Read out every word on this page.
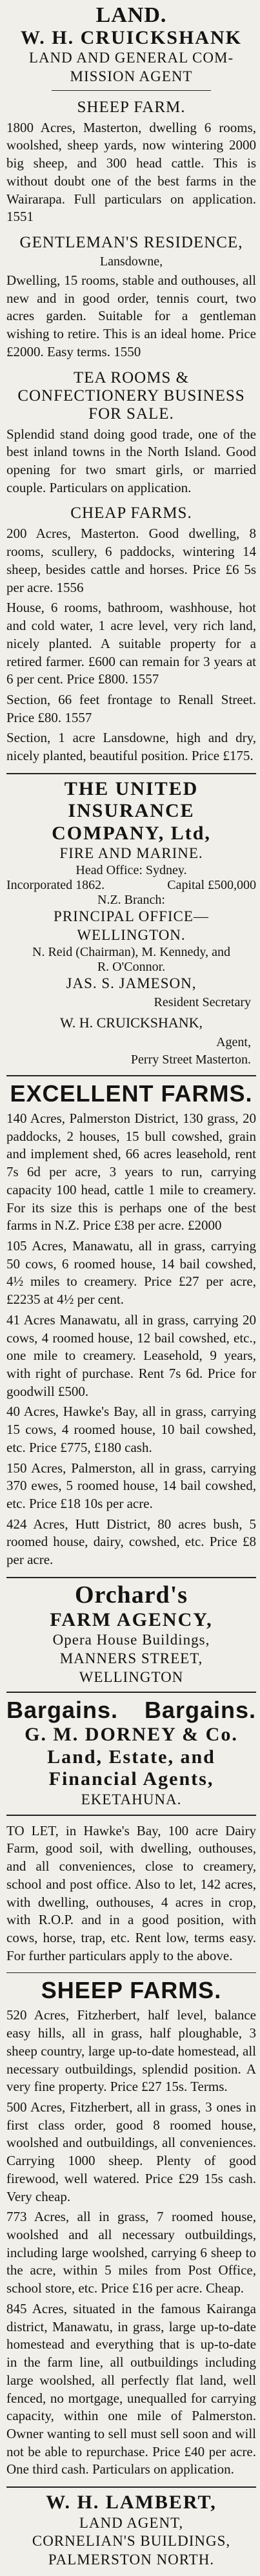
LAND.
W. H. CRUICKSHANK
LAND AND GENERAL COM-
MISSION AGENT
SHEEP FARM.
1800 Acres, Masterton, dwelling 6 rooms, woolshed, sheep yards, now wintering 2000 big sheep, and 300 head cattle. This is without doubt one of the best farms in the Wairarapa. Full particulars on application. 1551
GENTLEMAN'S RESIDENCE,
Lansdowne,
Dwelling, 15 rooms, stable and outhouses, all new and in good order, tennis court, two acres garden. Suitable for a gentleman wishing to retire. This is an ideal home. Price £2000. Easy terms. 1550
TEA ROOMS & CONFECTIONERY BUSINESS FOR SALE.
Splendid stand doing good trade, one of the best inland towns in the North Island. Good opening for two smart girls, or married couple. Particulars on application.
CHEAP FARMS.
200 Acres, Masterton. Good dwelling, 8 rooms, scullery, 6 paddocks, wintering 14 sheep, besides cattle and horses. Price £6 5s per acre. 1556
House, 6 rooms, bathroom, washhouse, hot and cold water, 1 acre level, very rich land, nicely planted. A suitable property for a retired farmer. £600 can remain for 3 years at 6 per cent. Price £800. 1557
Section, 66 feet frontage to Renall Street. Price £80. 1557
Section, 1 acre Lansdowne, high and dry, nicely planted, beautiful position. Price £175.
THE UNITED INSURANCE
COMPANY, Ltd,
FIRE AND MARINE.
Head Office: Sydney.
Incorporated 1862.	Capital £500,000
N.Z. Branch:
PRINCIPAL OFFICE—WELLINGTON.
N. Reid (Chairman), M. Kennedy, and
R. O'Connor.
JAS. S. JAMESON,
Resident Secretary
W. H. CRUICKSHANK,
Agent,
Perry Street Masterton.
EXCELLENT FARMS.
140 Acres, Palmerston District, 130 grass, 20 paddocks, 2 houses, 15 bull cowshed, grain and implement shed, 66 acres leasehold, rent 7s 6d per acre, 3 years to run, carrying capacity 100 head, cattle 1 mile to creamery. For its size this is perhaps one of the best farms in N.Z. Price £38 per acre. £2000
105 Acres, Manawatu, all in grass, carrying 50 cows, 6 roomed house, 14 bail cowshed, 4½ miles to creamery. Price £27 per acre, £2235 at 4½ per cent.
41 Acres Manawatu, all in grass, carrying 20 cows, 4 roomed house, 12 bail cowshed, etc., one mile to creamery. Leasehold, 9 years, with right of purchase. Rent 7s 6d. Price for goodwill £500.
40 Acres, Hawke's Bay, all in grass, carrying 15 cows, 4 roomed house, 10 bail cowshed, etc. Price £775, £180 cash.
150 Acres, Palmerston, all in grass, carrying 370 ewes, 5 roomed house, 14 bail cowshed, etc. Price £18 10s per acre.
424 Acres, Hutt District, 80 acres bush, 5 roomed house, dairy, cowshed, etc. Price £8 per acre.
Orchard's
FARM AGENCY,
Opera House Buildings,
MANNERS STREET,
WELLINGTON
Bargains. Bargains.
G. M. DORNEY & Co.
Land, Estate, and
Financial Agents,
EKETAHUNA.
TO LET, in Hawke's Bay, 100 acre Dairy Farm, good soil, with dwelling, outhouses, and all conveniences, close to creamery, school and post office. Also to let, 142 acres, with dwelling, outhouses, 4 acres in crop, with R.O.P. and in a good position, with cows, horse, trap, etc. Rent low, terms easy. For further particulars apply to the above.
SHEEP FARMS.
520 Acres, Fitzherbert, half level, balance easy hills, all in grass, half ploughable, 3 sheep country, large up-to-date homestead, all necessary outbuildings, splendid position. A very fine property. Price £27 15s. Terms.
500 Acres, Fitzherbert, all in grass, 3 ones in first class order, good 8 roomed house, woolshed and outbuildings, all conveniences. Carrying 1000 sheep. Plenty of good firewood, well watered. Price £29 15s cash. Very cheap.
773 Acres, all in grass, 7 roomed house, woolshed and all necessary outbuildings, including large woolshed, carrying 6 sheep to the acre, within 5 miles from Post Office, school store, etc. Price £16 per acre. Cheap.
845 Acres, situated in the famous Kairanga district, Manawatu, in grass, large up-to-date homestead and everything that is up-to-date in the farm line, all outbuildings including large woolshed, all perfectly flat land, well fenced, no mortgage, unequalled for carrying capacity, within one mile of Palmerston. Owner wanting to sell must sell soon and will not be able to repurchase. Price £40 per acre. One third cash. Particulars on application.
W. H. LAMBERT,
LAND AGENT,
CORNELIAN'S BUILDINGS,
PALMERSTON NORTH.
